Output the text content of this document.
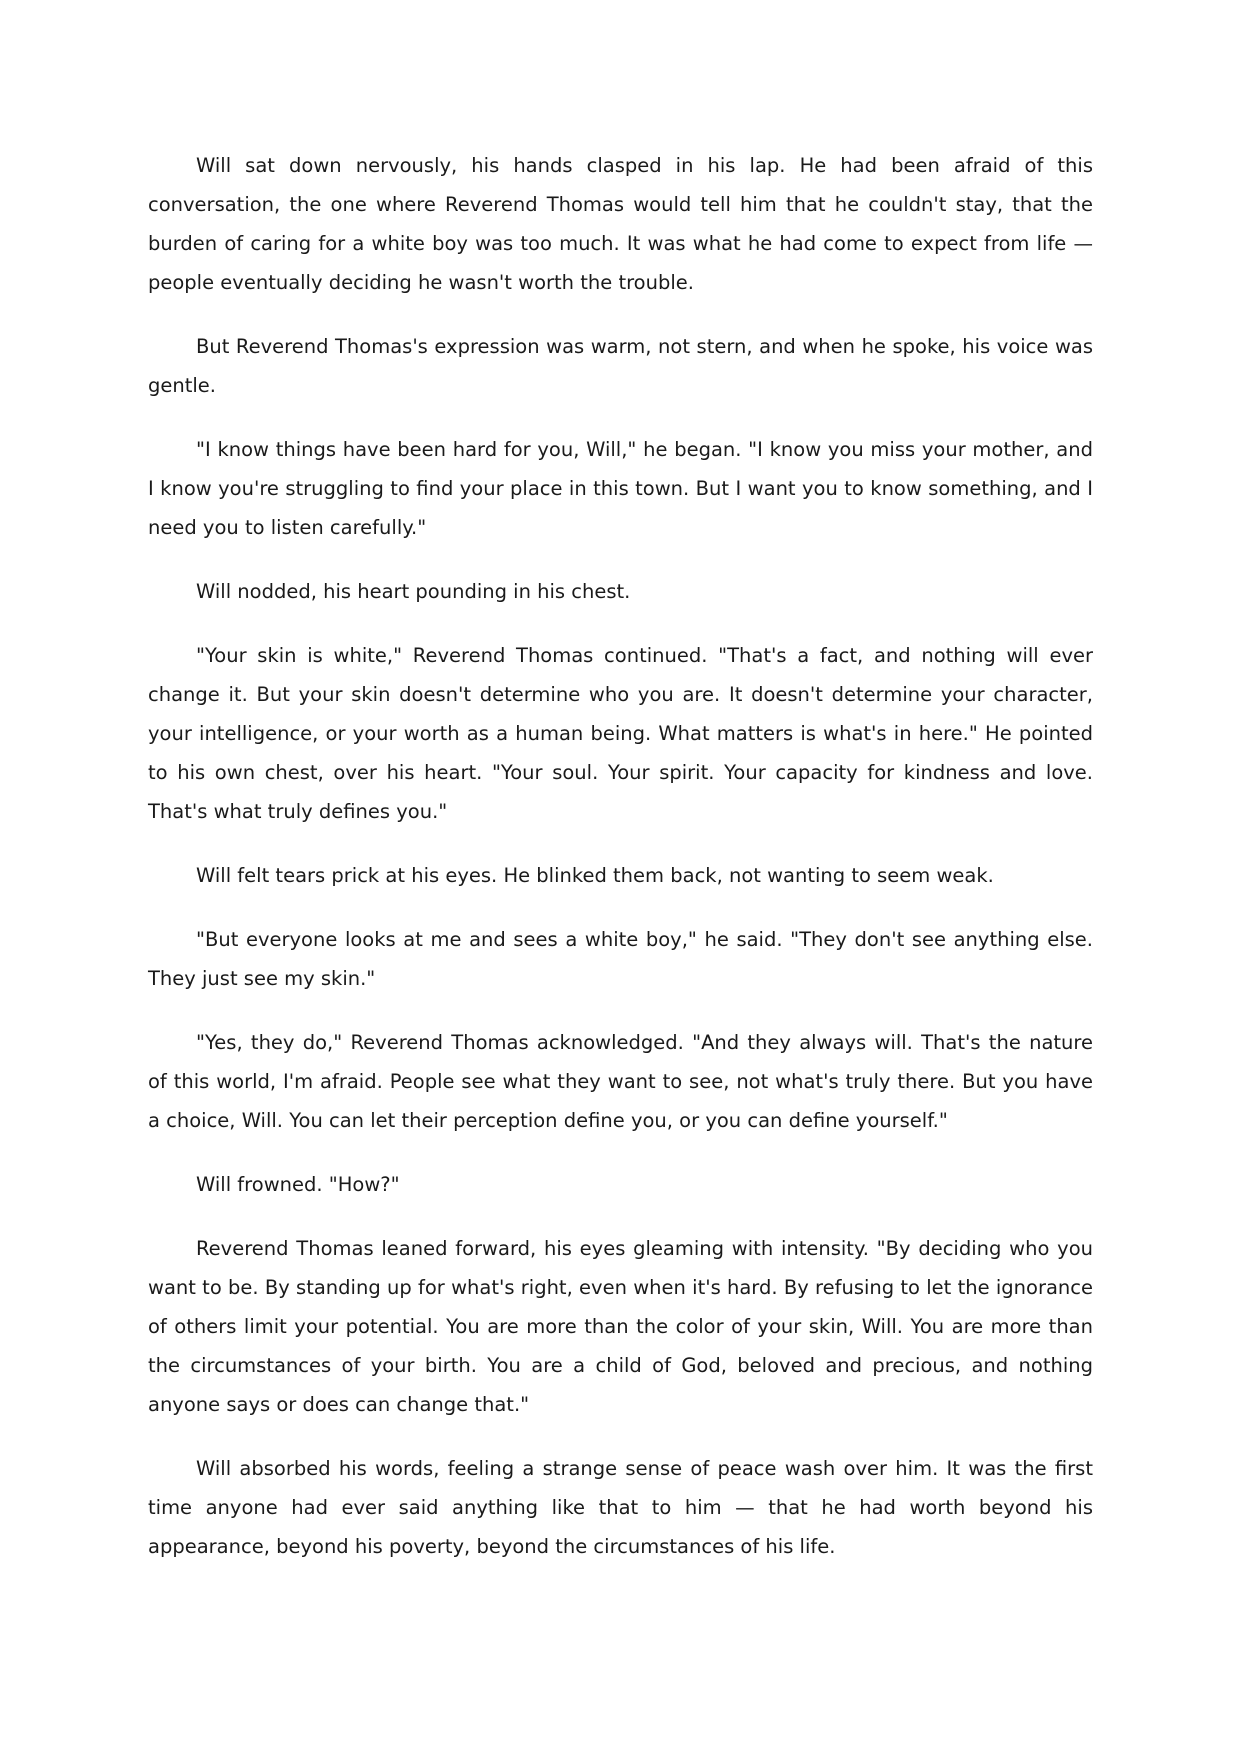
Will sat down nervously, his hands clasped in his lap. He had been afraid of this conversation, the one where Reverend Thomas would tell him that he couldn't stay, that the burden of caring for a white boy was too much. It was what he had come to expect from life — people eventually deciding he wasn't worth the trouble.

But Reverend Thomas's expression was warm, not stern, and when he spoke, his voice was gentle.

"I know things have been hard for you, Will," he began. "I know you miss your mother, and I know you're struggling to find your place in this town. But I want you to know something, and I need you to listen carefully."

Will nodded, his heart pounding in his chest.

"Your skin is white," Reverend Thomas continued. "That's a fact, and nothing will ever change it. But your skin doesn't determine who you are. It doesn't determine your character, your intelligence, or your worth as a human being. What matters is what's in here." He pointed to his own chest, over his heart. "Your soul. Your spirit. Your capacity for kindness and love. That's what truly defines you."

Will felt tears prick at his eyes. He blinked them back, not wanting to seem weak.

"But everyone looks at me and sees a white boy," he said. "They don't see anything else. They just see my skin."

"Yes, they do," Reverend Thomas acknowledged. "And they always will. That's the nature of this world, I'm afraid. People see what they want to see, not what's truly there. But you have a choice, Will. You can let their perception define you, or you can define yourself."

Will frowned. "How?"

Reverend Thomas leaned forward, his eyes gleaming with intensity. "By deciding who you want to be. By standing up for what's right, even when it's hard. By refusing to let the ignorance of others limit your potential. You are more than the color of your skin, Will. You are more than the circumstances of your birth. You are a child of God, beloved and precious, and nothing anyone says or does can change that."

Will absorbed his words, feeling a strange sense of peace wash over him. It was the first time anyone had ever said anything like that to him — that he had worth beyond his appearance, beyond his poverty, beyond the circumstances of his life.
